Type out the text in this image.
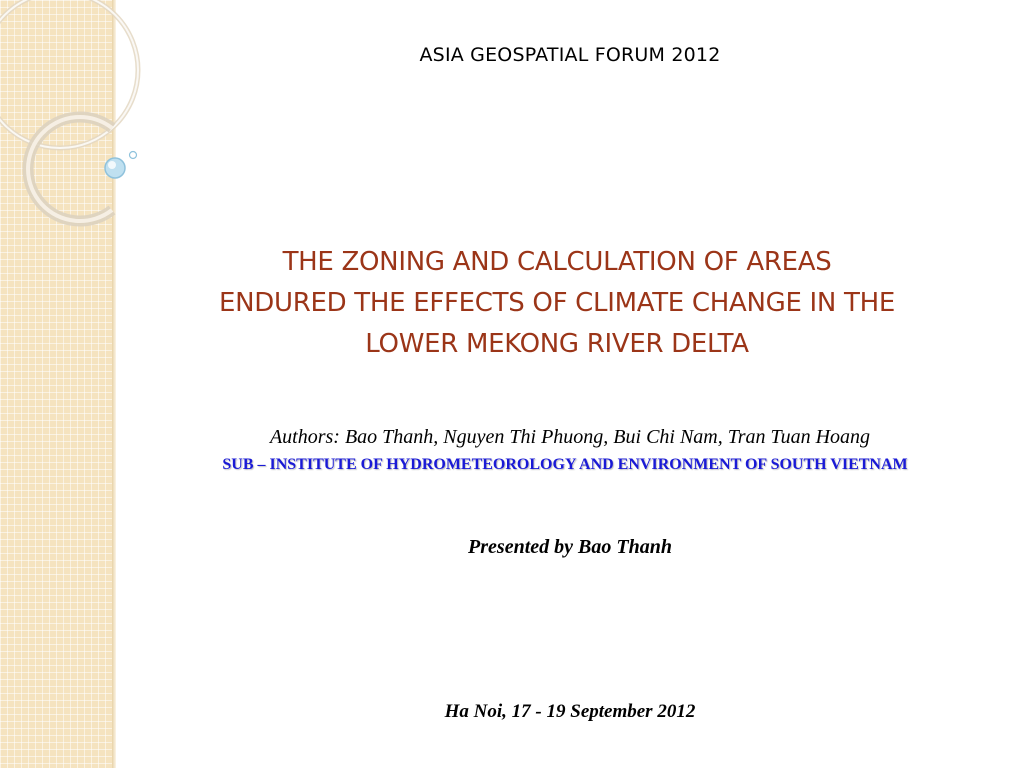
ASIA GEOSPATIAL FORUM 2012
THE ZONING AND CALCULATION OF AREAS
ENDURED THE EFFECTS OF CLIMATE CHANGE IN THE
LOWER MEKONG RIVER DELTA
Authors: Bao Thanh, Nguyen Thi Phuong, Bui Chi Nam, Tran Tuan Hoang
SUB – INSTITUTE OF HYDROMETEOROLOGY AND ENVIRONMENT OF SOUTH VIETNAM
Presented by Bao Thanh
Ha Noi, 17 - 19 September 2012
